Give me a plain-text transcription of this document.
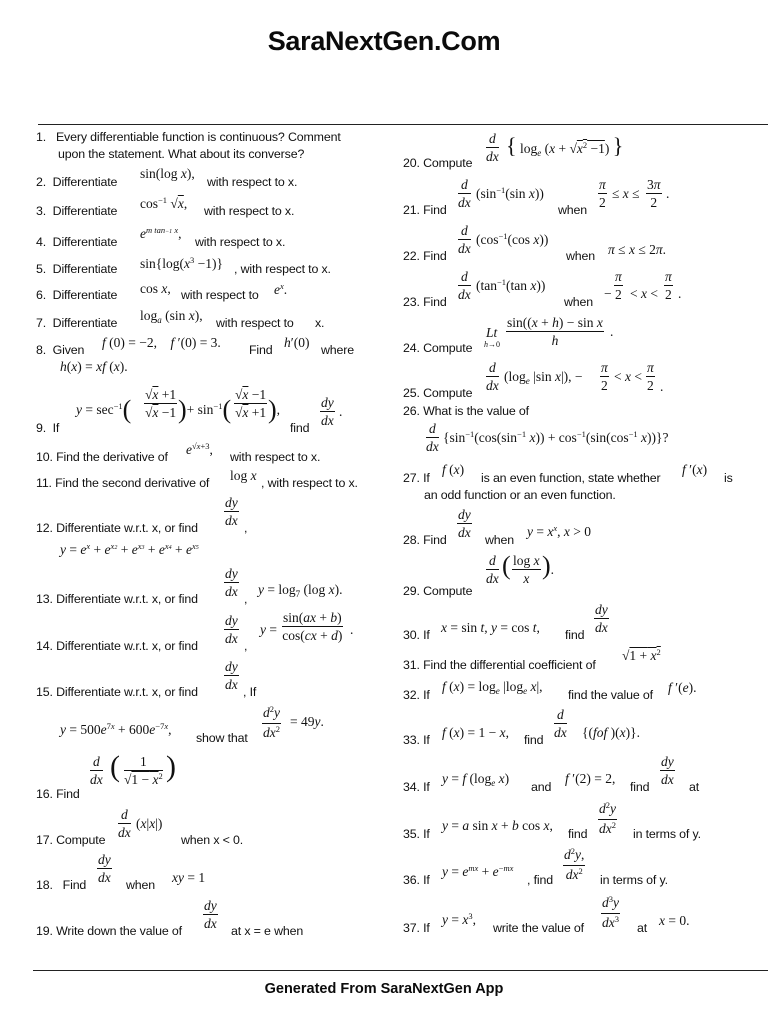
SaraNextGen.Com
1. Every differentiable function is continuous? Comment
upon the statement. What about its converse?
2. Differentiate
sin(log x),
with respect to x.
3. Differentiate $\cos^{-1} √x$, with respect to x.
4. Differentiate
$e^{m tan-1 x}$,
with respect to x.
5. Differentiate $\sin\{\log(x^3 -1)\}$ , with respect to x.
6. Differentiate cos x, with respect to $e^x$.
7. Differentiate $\log_a (\sin$ x), with respect to x.
8. Given f (0) = −2,    f ′(0) = 3. Find h′(0) where
h(x) = xf (x).
$y = \sec^{-1}( \frac{√x +1}{√x -1}$ )+ $\sin^{-1}( \frac{√x -1}{√x +1}$ ),
9. If	find $\frac{dy}{dx}$ .
10. Find the derivative of $e^{√x+3}$, with respect to x.
11. Find the second derivative of log x , with respect to x.
12. Differentiate w.r.t. x, or find $\frac{dy}{dx}$ ,
$y = e^x + e^{x2} + e^{x3} + e^{x4} + e^{x5}$
13. Differentiate w.r.t. x, or find $\frac{dy}{dx}$ ,
$y = \log_7 (\log$ x).
14. Differentiate w.r.t. x, or find $\frac{dy}{dx}$ ,
$y = \frac{\sin(ax + b)}{\cos(cx + d)}$ .
15. Differentiate w.r.t. x, or find $\frac{dy}{dx}$ , If
$y = 500e^{7x} + 600e^{-7x}$,
show that $\frac{d^2y}{dx^2} = 49y$.
$\frac{d}{dx}$ ( $\frac{1}{√1 - x^2}$ )
16. Find
17. Compute $\frac{d}{dx} (x|x|)$
when x < 0.
18. Find $\frac{dy}{dx}$ when xy = 1
19. Write down the value of $\frac{dy}{dx}$ at x = e when
$\frac{d}{dx}$ { $\log_e (x + √x^2 -1)$ }
20. Compute
$\frac{d}{dx} (\sin^{-1}(\sin$ x))
21. Find	when $\frac{\pi}{2} \le x \le \frac{3\pi}{2}$ .
$\frac{d}{dx} (\cos^{-1}(\cos$ x))
22. Find	when π ≤ x ≤ 2π.
$\frac{d}{dx} (\tan^{-1}(\tan$ x))
23. Find	when
− $\frac{\pi}{2} < x < \frac{\pi}{2}$ .
Lt
$h\to 0 \frac{\text{sin((x + h) − sin x}}{h}$ .
24. Compute
$\frac{d}{dx} (\log_e$ |sin x|), − $\frac{\pi}{2} < x < \frac{\pi}{2}$ .
25. Compute
26. What is the value of
$\frac{d}{dx} \{\sin^{-1}(\cos(\sin^{-1}$ $x)) + \cos^{-1}(\sin(\cos^{-1}$ x))}?
27. If
f (x)
is an even function, state whether
f ′(x)
is
an odd function or an even function.
$\frac{dy}{dx}$
28. Find	when
$y = x^x$, x > 0
$\frac{d}{dx}$ ( $\frac{\text{log x}}{x}$ ).
29. Compute
30. If x = sin t, y = cos t, find $\frac{dy}{dx}$
31. Find the differential coefficient of
$√1 + x^2$
32. If
f $(x) = \log_e |\log_e$ x|,
find the value of f ′(e).
33. If f (x) = 1 − x, find $\frac{d}{dx} \{(fof$ )(x)}.
34. If
y = f ($\log_e$ x)
and
f ′(2) = 2,
find $\frac{dy}{dx}$ at
35. If
y = a sin x + b cos x,
find $\frac{d^2y}{dx^2}$ in terms of y.
36. If
$y = e^{mx} + e^{-mx}$
, find $\frac{d^2y,}{dx^2}$ in terms of y.
37. If
$y = x^3$,
write the value of $\frac{d^3y}{dx^3}$ at x = 0.
Generated From SaraNextGen App
